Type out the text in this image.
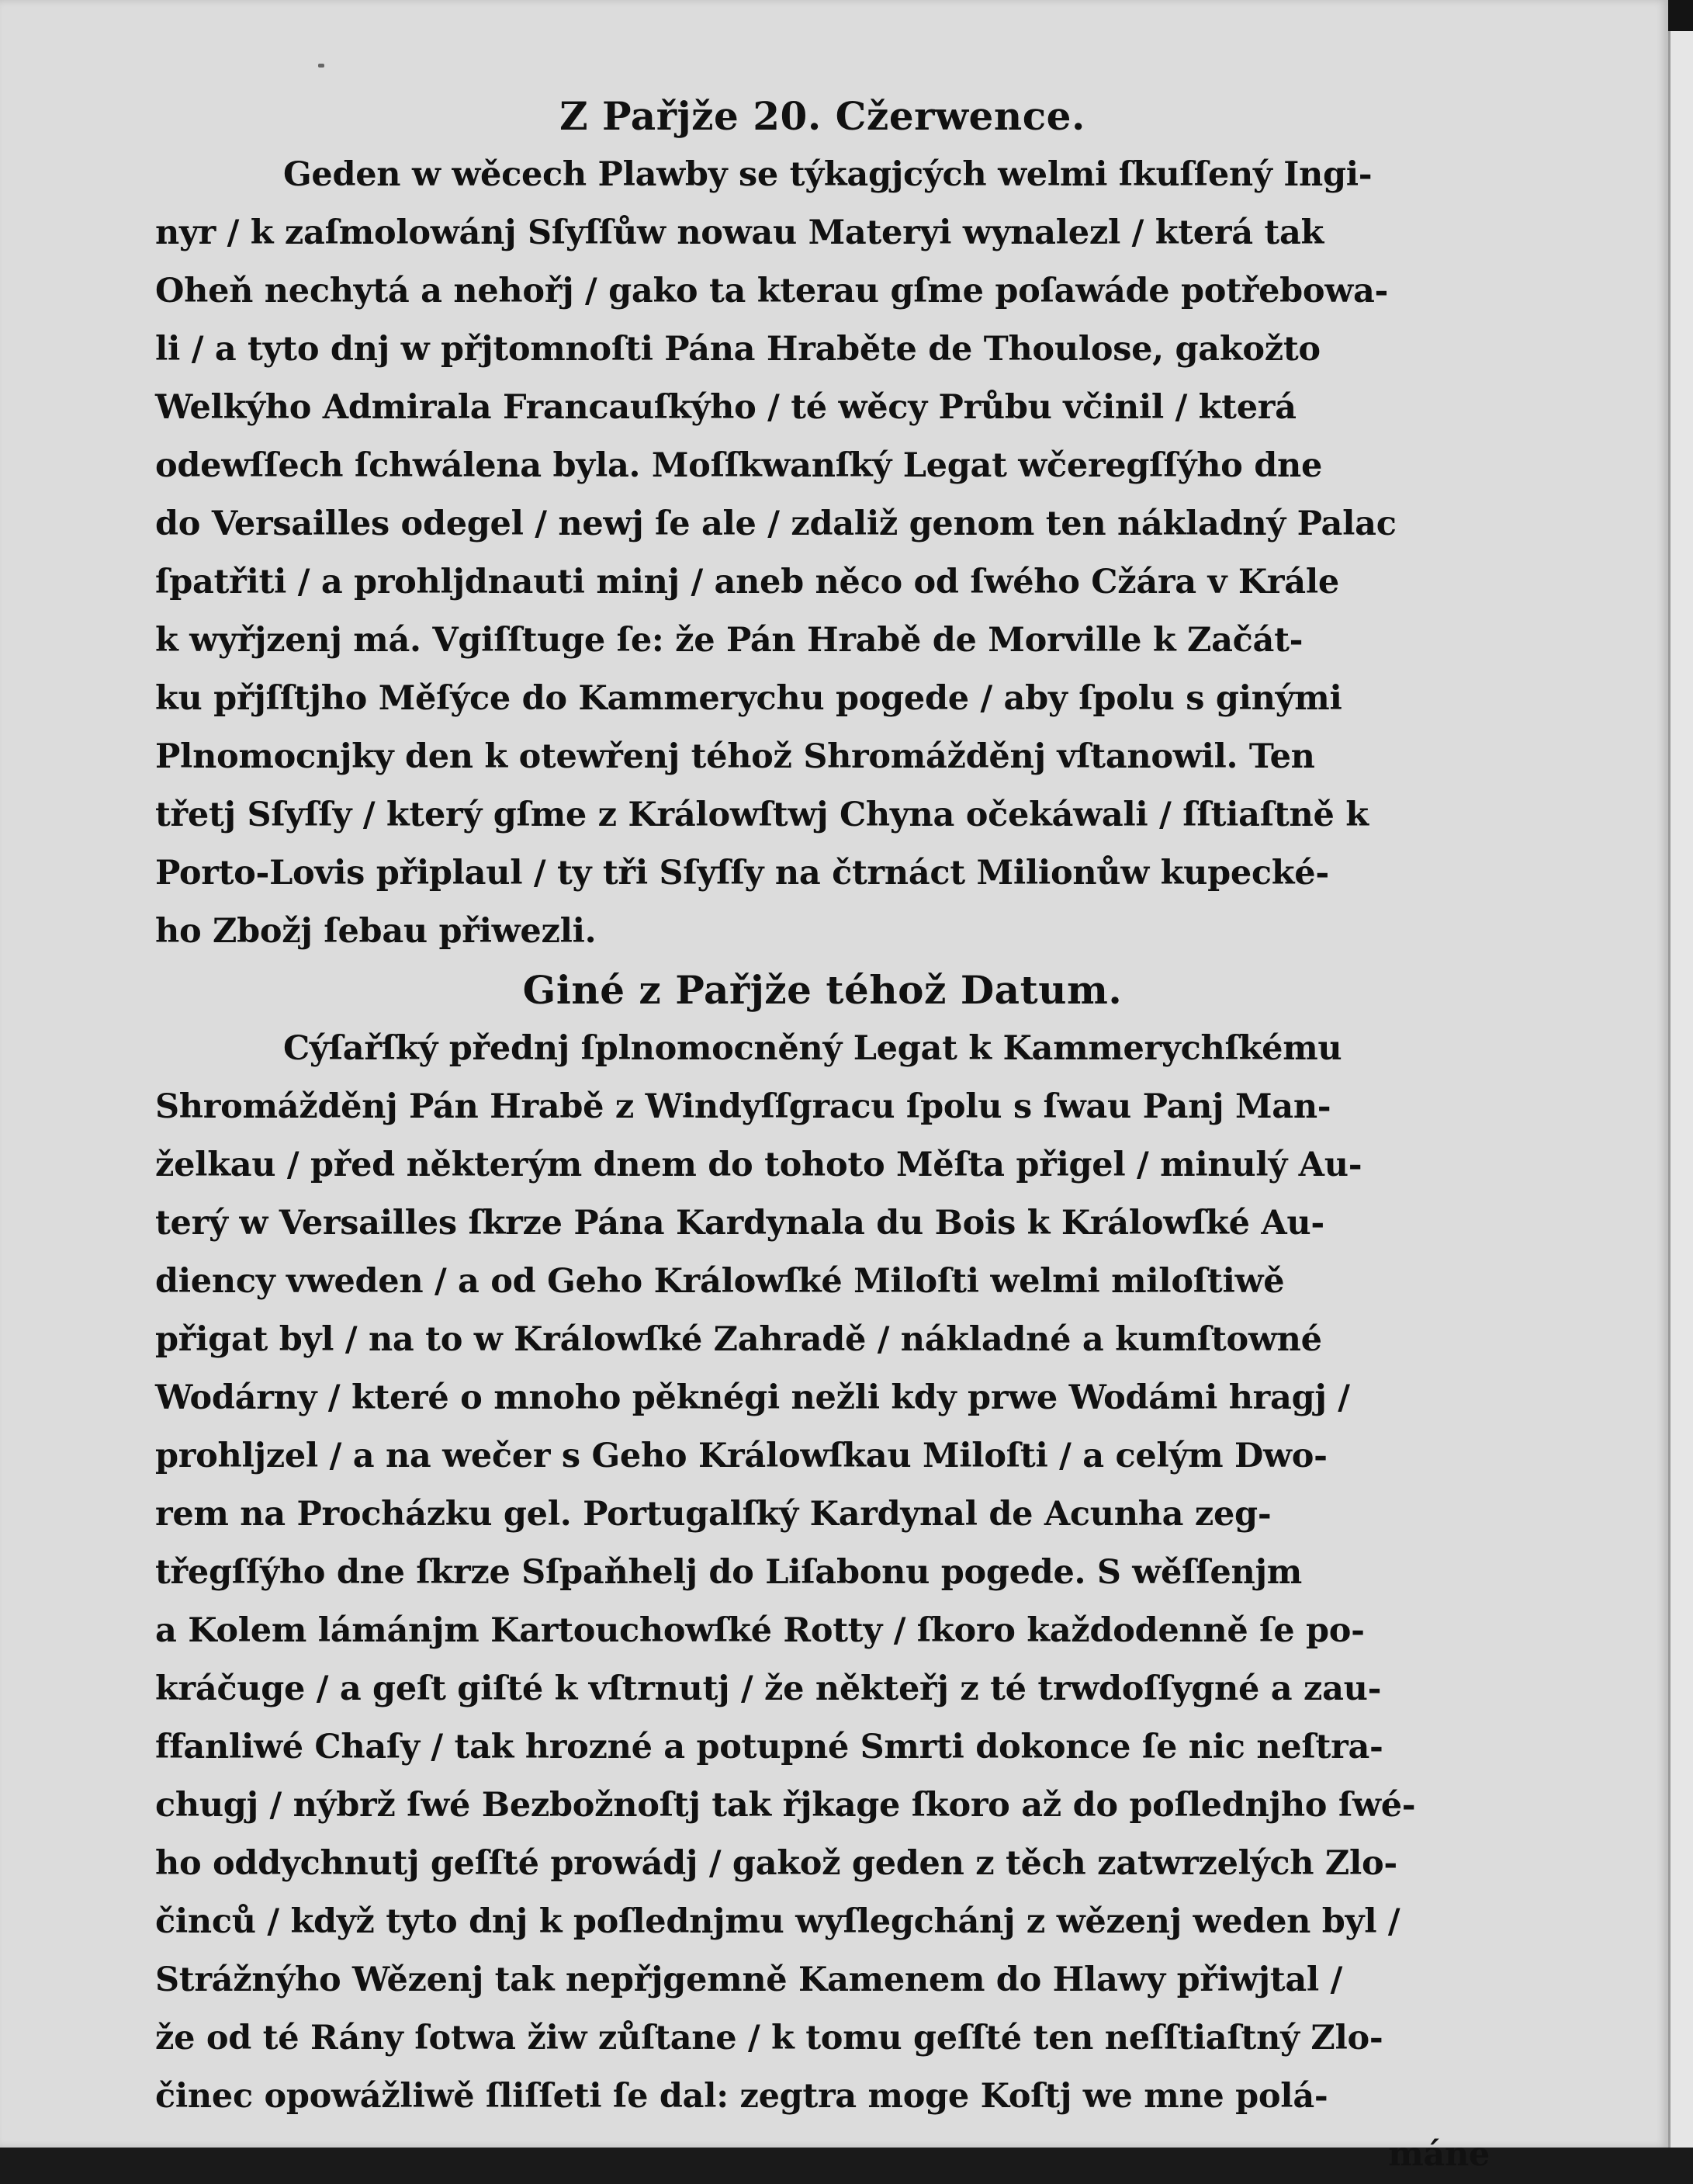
Z Pařjže 20. Cžerwence.
Geden w wěcech Plawby se týkagjcých welmi ſkuſſený Ingi-
nyr / k zaſmolowánj Sſyſſůw nowau Materyi wynalezl / která tak
Oheň nechytá a nehořj / gako ta kterau gſme poſawáde potřebowa-
li / a tyto dnj w přjtomnoſti Pána Hraběte de Thoulose, gakožto
Welkýho Admirala Francauſkýho / té wěcy Průbu včinil / která
odewſſech ſchwálena byla. Moſſkwanſký Legat wčeregſſýho dne
do Versailles odegel / newj ſe ale / zdaliž genom ten nákladný Palac
ſpatřiti / a prohljdnauti minj / aneb něco od ſwého Cžára v Krále
k wyřjzenj má. Vgiſſtuge ſe: že Pán Hrabě de Morville k Začát-
ku přjſſtjho Měſýce do Kammerychu pogede / aby ſpolu s ginými
Plnomocnjky den k otewřenj téhož Shromážděnj vſtanowil. Ten
třetj Sſyſſy / který gſme z Králowſtwj Chyna očekáwali / ſſtiaſtně k
Porto-Lovis připlaul / ty tři Sſyſſy na čtrnáct Milionůw kupecké-
ho Zbožj ſebau přiwezli.
Giné z Pařjže téhož Datum.
Cýſařſký přednj ſplnomocněný Legat k Kammerychſkému
Shromážděnj Pán Hrabě z Windyſſgracu ſpolu s ſwau Panj Man-
želkau / před některým dnem do tohoto Měſta přigel / minulý Au-
terý w Versailles ſkrze Pána Kardynala du Bois k Králowſké Au-
diency vweden / a od Geho Králowſké Miloſti welmi miloſtiwě
přigat byl / na to w Králowſké Zahradě / nákladné a kumſtowné
Wodárny / které o mnoho pěknégi nežli kdy prwe Wodámi hragj /
prohljzel / a na wečer s Geho Králowſkau Miloſti / a celým Dwo-
rem na Procházku gel. Portugalſký Kardynal de Acunha zeg-
třegſſýho dne ſkrze Sſpaňhelj do Liſabonu pogede. S wěſſenjm
a Kolem lámánjm Kartouchowſké Rotty / ſkoro každodenně ſe po-
kráčuge / a geſt giſté k vſtrnutj / že někteřj z té trwdoſſygné a zau-
ffanliwé Chaſy / tak hrozné a potupné Smrti dokonce ſe nic neſtra-
chugj / nýbrž ſwé Bezbožnoſtj tak řjkage ſkoro až do poſlednjho ſwé-
ho oddychnutj geſſté prowádj / gakož geden z těch zatwrzelých Zlo-
činců / když tyto dnj k poſlednjmu wyſlegchánj z wězenj weden byl /
Strážnýho Wězenj tak nepřjgemně Kamenem do Hlawy přiwjtal /
že od té Rány ſotwa žiw zůſtane / k tomu geſſté ten neſſtiaſtný Zlo-
činec opowážliwě ſliſſeti ſe dal: zegtra moge Koſtj we mne polá-
máne
